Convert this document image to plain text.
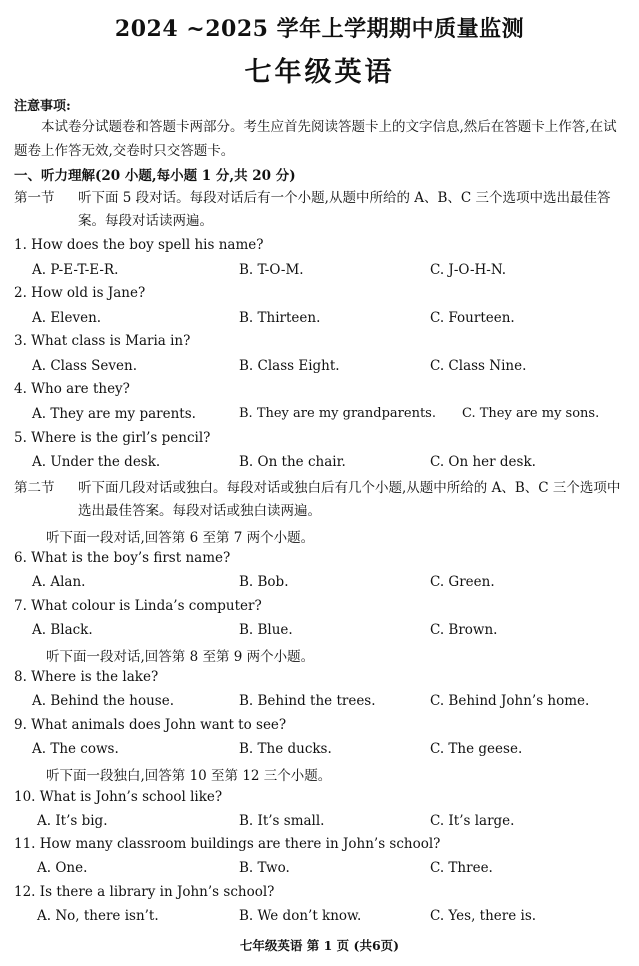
2024 ~2025 学年上学期期中质量监测
七年级英语
注意事项:
本试卷分试题卷和答题卡两部分。考生应首先阅读答题卡上的文字信息,然后在答题卡上作答,在试题卷上作答无效,交卷时只交答题卡。
一、听力理解(20 小题,每小题 1 分,共 20 分)
第一节 听下面 5 段对话。每段对话后有一个小题,从题中所给的 A、B、C 三个选项中选出最佳答案。每段对话读两遍。
1. How does the boy spell his name?
A. P-E-T-E-R.	B. T-O-M.	C. J-O-H-N.
2. How old is Jane?
A. Eleven.	B. Thirteen.	C. Fourteen.
3. What class is Maria in?
A. Class Seven.	B. Class Eight.	C. Class Nine.
4. Who are they?
A. They are my parents.	B. They are my grandparents. C. They are my sons.
5. Where is the girl’s pencil?
A. Under the desk.	B. On the chair.	C. On her desk.
第二节 听下面几段对话或独白。每段对话或独白后有几个小题,从题中所给的 A、B、C 三个选项中选出最佳答案。每段对话或独白读两遍。
听下面一段对话,回答第 6 至第 7 两个小题。
6. What is the boy’s first name?
A. Alan.	B. Bob.	C. Green.
7. What colour is Linda’s computer?
A. Black.	B. Blue.	C. Brown.
听下面一段对话,回答第 8 至第 9 两个小题。
8. Where is the lake?
A. Behind the house.	B. Behind the trees.	C. Behind John’s home.
9. What animals does John want to see?
A. The cows.	B. The ducks.	C. The geese.
听下面一段独白,回答第 10 至第 12 三个小题。
10. What is John’s school like?
A. It’s big.	B. It’s small.	C. It’s large.
11. How many classroom buildings are there in John’s school?
A. One.	B. Two.	C. Three.
12. Is there a library in John’s school?
A. No, there isn’t.	B. We don’t know.	C. Yes, there is.
七年级英语 第 1 页 (共6页)
